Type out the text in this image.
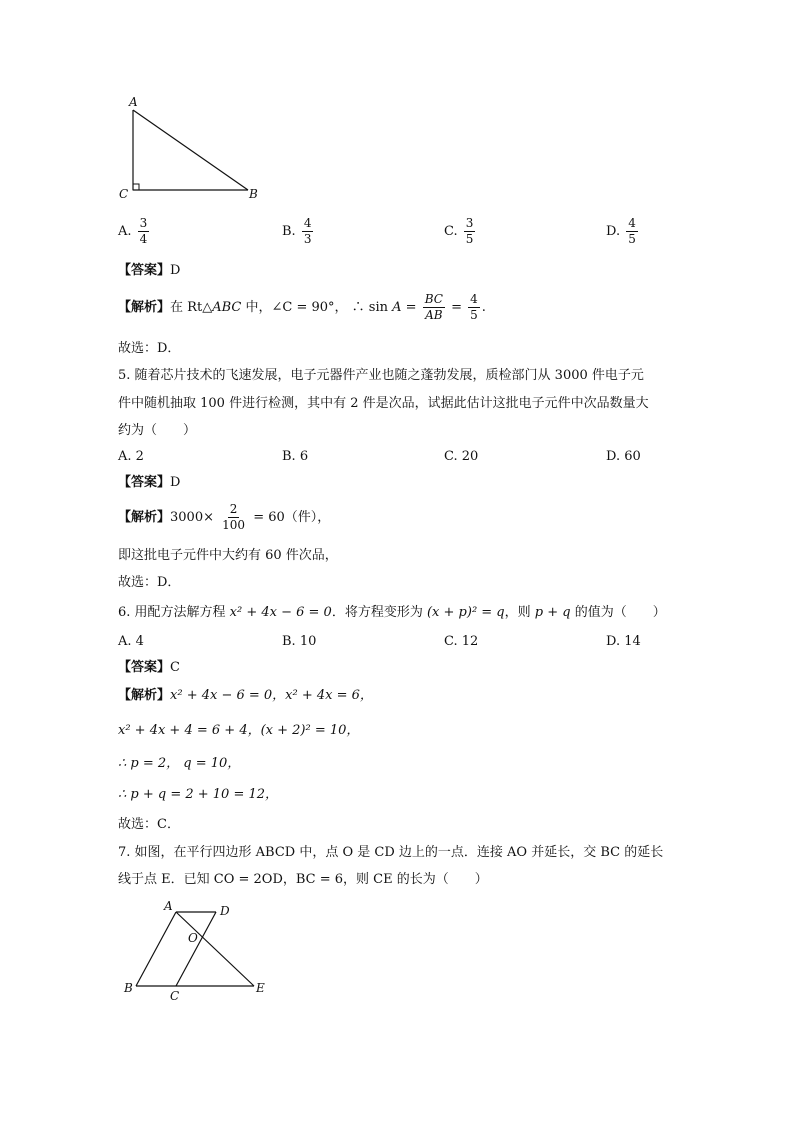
A
C	B
A. $\frac{3}{4}$	B. $\frac{4}{3}$	C. $\frac{3}{5}$	D. $\frac{4}{5}$
【答案】D
【解析】在 Rt△ABC 中，∠C = 90°， ∴ $\sin A = \frac{BC}{AB} = \frac{4}{5}$ .
故选：D．
5. 随着芯片技术的飞速发展，电子元器件产业也随之蓬勃发展，质检部门从 3000 件电子元
件中随机抽取 100 件进行检测，其中有 2 件是次品，试据此估计这批电子元件中次品数量大
约为（　　）
A. 2	B. 6	C. 20	D. 60
【答案】D
【解析】$3000\times \frac{2}{100} = 60$（件），
即这批电子元件中大约有 60 件次品，
故选：D．
6. 用配方法解方程 x² + 4x − 6 = 0．将方程变形为 (x + p)² = q，则 p + q 的值为（　　）
A. 4	B. 10	C. 12	D. 14
【答案】C
【解析】x² + 4x − 6 = 0，x² + 4x = 6，
x² + 4x + 4 = 6 + 4，(x + 2)² = 10，
∴ p = 2， q = 10，
∴ p + q = 2 + 10 = 12，
故选：C．
7. 如图，在平行四边形 ABCD 中，点 O 是 CD 边上的一点．连接 AO 并延长，交 BC 的延长
线于点 E．已知 CO = 2OD，BC = 6，则 CE 的长为（　　）
A	D
O
B
C
E
